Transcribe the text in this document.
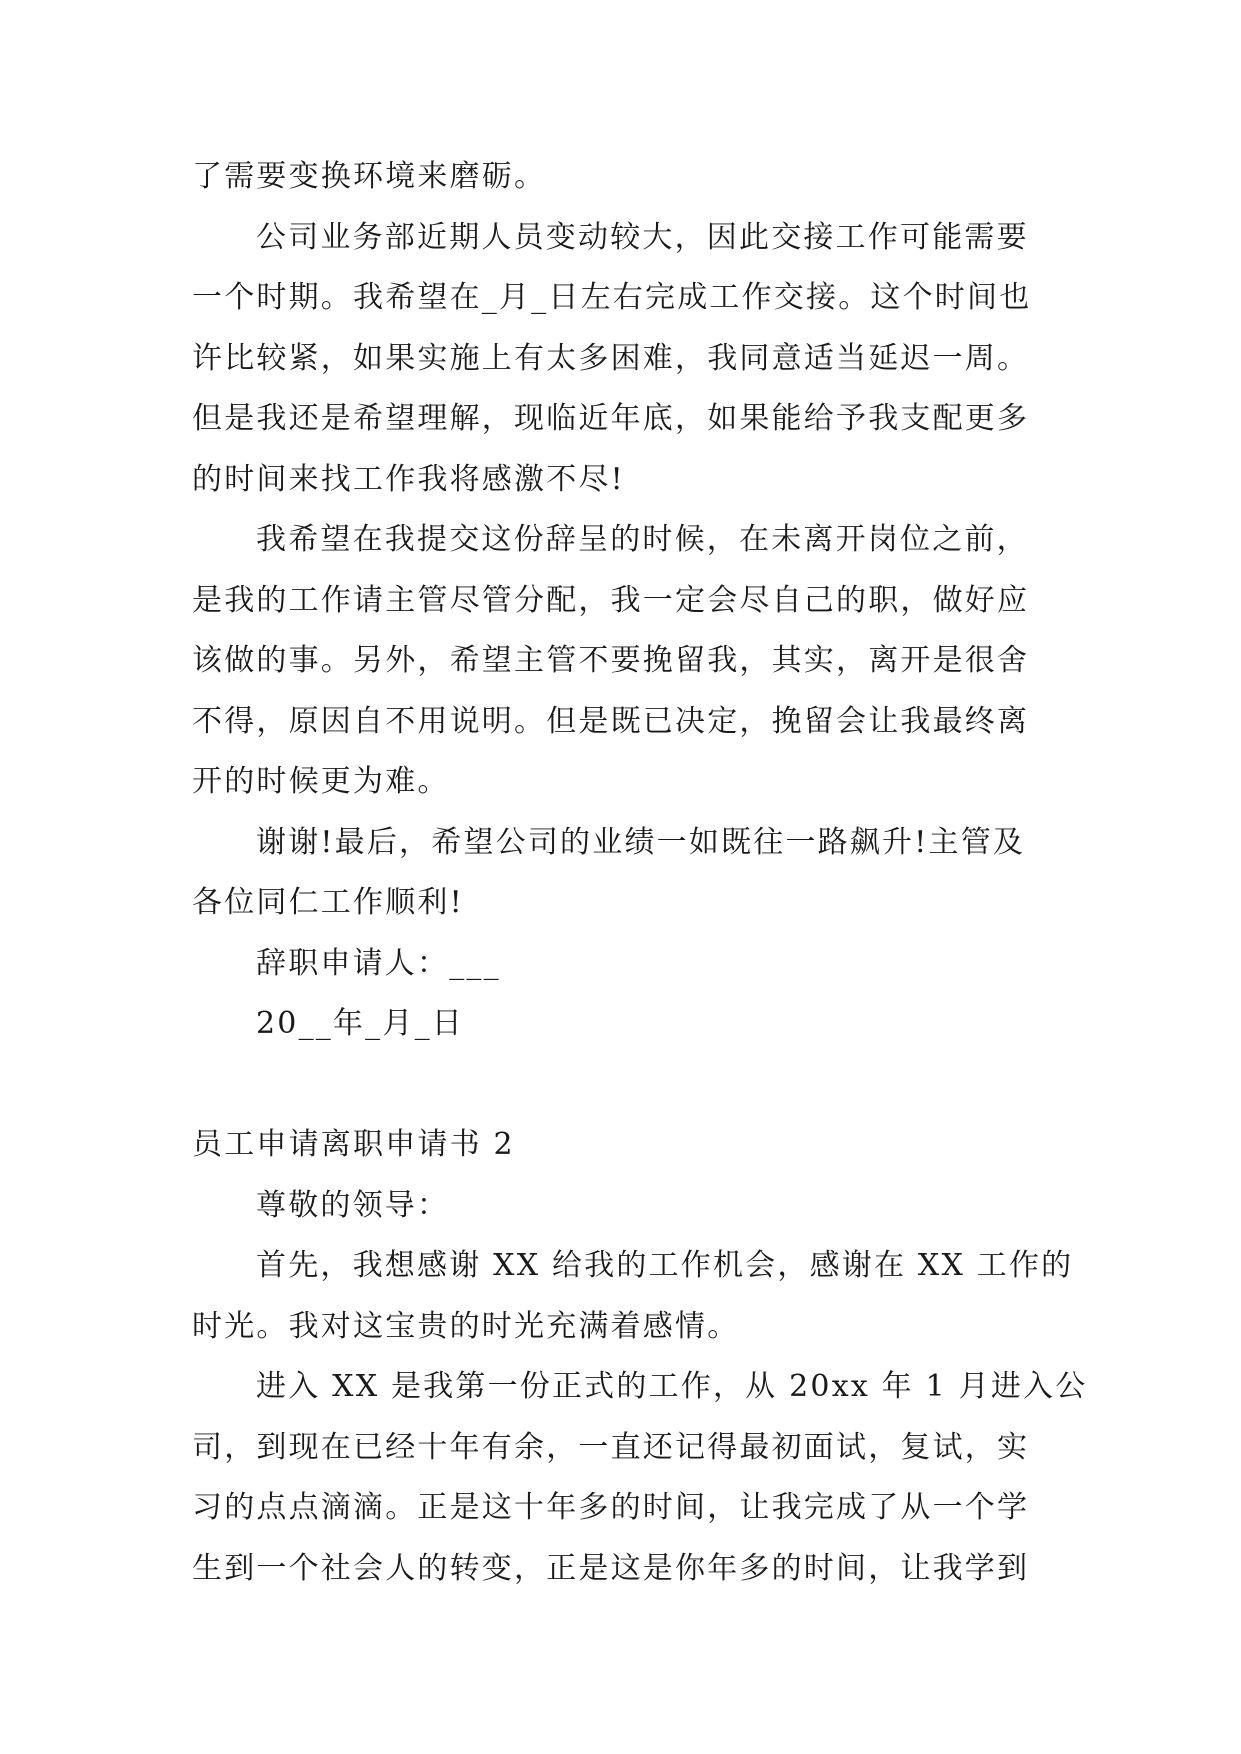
了需要变换环境来磨砺。
公司业务部近期人员变动较大，因此交接工作可能需要
一个时期。我希望在_月_日左右完成工作交接。这个时间也
许比较紧，如果实施上有太多困难，我同意适当延迟一周。
但是我还是希望理解，现临近年底，如果能给予我支配更多
的时间来找工作我将感激不尽!
我希望在我提交这份辞呈的时候，在未离开岗位之前，
是我的工作请主管尽管分配，我一定会尽自己的职，做好应
该做的事。另外，希望主管不要挽留我，其实，离开是很舍
不得，原因自不用说明。但是既已决定，挽留会让我最终离
开的时候更为难。
谢谢!最后，希望公司的业绩一如既往一路飙升!主管及
各位同仁工作顺利!
辞职申请人：___
20__年_月_日
员工申请离职申请书 2
尊敬的领导：
首先，我想感谢 XX 给我的工作机会，感谢在 XX 工作的
时光。我对这宝贵的时光充满着感情。
进入 XX 是我第一份正式的工作，从 20xx 年 1 月进入公
司，到现在已经十年有余，一直还记得最初面试，复试，实
习的点点滴滴。正是这十年多的时间，让我完成了从一个学
生到一个社会人的转变，正是这是你年多的时间，让我学到
